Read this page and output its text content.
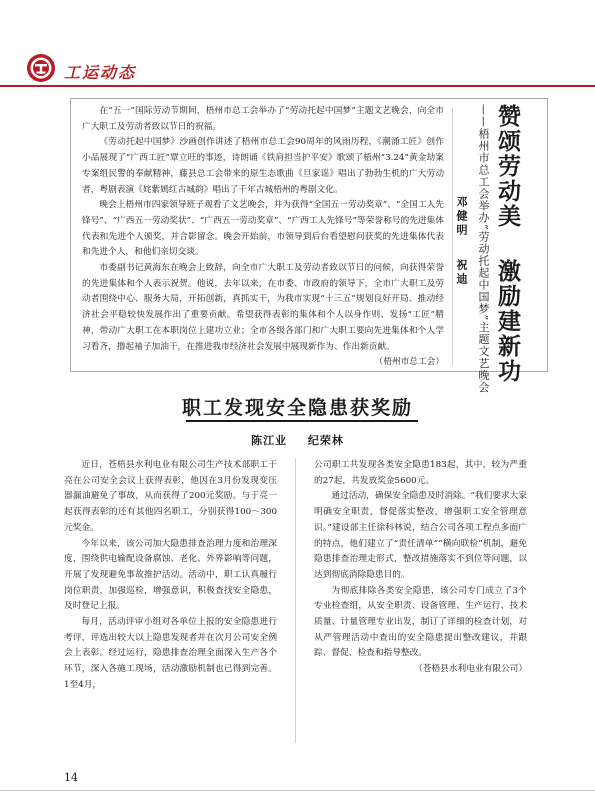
工运动态

在“五一”国际劳动节期间，梧州市总工会举办了“劳动托起中国梦”主题文艺晚会，向全市广大职工及劳动者致以节日的祝福。

《劳动托起中国梦》沙画创作讲述了梧州市总工会90周年的风雨历程，《潮涌工匠》创作小品展现了“广西工匠”覃立旺的事迹，诗朗诵《铁肩担当护平安》歌颂了梧州“3.24”黄金劫案专案组民警的奉献精神，藤县总工会带来的原生态歌曲《旦家谣》唱出了勃勃生机的广大劳动者，粤剧表演《姹紫嫣红古城韵》唱出了千年古城梧州的粤剧文化。

晚会上梧州市四家领导班子观看了文艺晚会，并为获得“全国五一劳动奖章”、“全国工人先锋号”、“广西五一劳动奖状”、“广西五一劳动奖章”、“广西工人先锋号”等荣誉称号的先进集体代表和先进个人颁奖，并合影留念。晚会开始前，市领导到后台看望慰问获奖的先进集体代表和先进个人，和他们亲切交谈。

市委副书记黄海东在晚会上致辞，向全市广大职工及劳动者致以节日的问候，向获得荣誉的先进集体和个人表示祝贺。他说，去年以来，在市委、市政府的领导下，全市广大职工及劳动者围绕中心、服务大局，开拓创新，真抓实干，为我市实现“十三五”规划良好开局、推动经济社会平稳较快发展作出了重要贡献。希望获得表彰的集体和个人以身作则、发扬“工匠”精神，带动广大职工在本职岗位上建功立业；全市各级各部门和广大职工要向先进集体和个人学习看齐，撸起袖子加油干，在推进我市经济社会发展中展现新作为、作出新贡献。

（梧州市总工会）

赞颂劳动美 激励建新功
——梧州市总工会举办“劳动托起中国梦”主题文艺晚会
邓健明 祝迪
职工发现安全隐患获奖励
陈江业 纪荣林

近日，苍梧县水利电业有限公司生产技术部职工于亮在公司安全会议上获得表彰，他因在3月份发现变压器漏油避免了事故，从而获得了200元奖励。与于亮一起获得表彰的还有其他四名职工，分别获得100～300元奖金。

今年以来，该公司加大隐患排查治理力度和治理深度，围绕供电输配设备腐蚀、老化、外界影响等问题，开展了发现避免事故推护活动。活动中，职工认真履行岗位职责，加强巡检，增强意识，积极查找安全隐患，及时登记上报。

每月，活动评审小组对各单位上报的安全隐患进行考评，评选出较大以上隐患发现者并在次月公司安全例会上表彰。经过运行，隐患排查治理全面深入生产各个环节，深入各施工现场，活动激励机制也已得到完善。1至4月，

公司职工共发现各类安全隐患183起，其中，较为严重的27起，共发放奖金5600元。

通过活动，确保安全隐患及时消除。“我们要求大家明确安全职责，督促落实整改，增强职工安全管理意识。”建设部主任徐科林说，结合公司各项工程点多面广的特点，他们建立了“责任清单”“横向联检”机制，避免隐患排查治理走形式，整改措施落实不到位等问题，以达到彻底消除隐患目的。

为彻底排除各类安全隐患，该公司专门成立了3个专业检查组，从安全职责、设备管理、生产运行、技术质量、计量管理专业出发，制订了详细的检查计划，对从严管理活动中查出的安全隐患提出整改建议，并跟踪、督促、检查和指导整改。

（苍梧县水利电业有限公司）

14
